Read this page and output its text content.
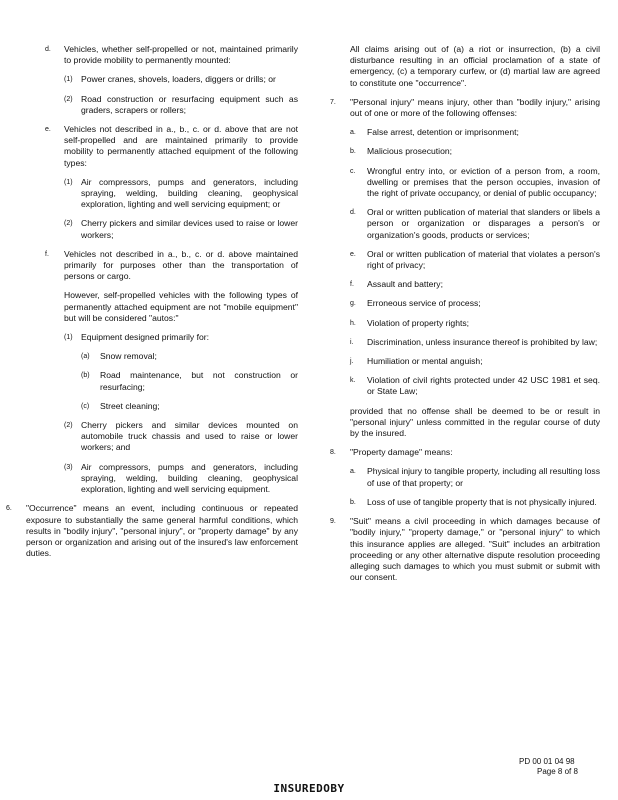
d. Vehicles, whether self-propelled or not, maintained primarily to provide mobility to permanently mounted:
(1) Power cranes, shovels, loaders, diggers or drills; or
(2) Road construction or resurfacing equipment such as graders, scrapers or rollers;
e. Vehicles not described in a., b., c. or d. above that are not self-propelled and are maintained primarily to provide mobility to permanently attached equipment of the following types:
(1) Air compressors, pumps and generators, including spraying, welding, building cleaning, geophysical exploration, lighting and well servicing equipment; or
(2) Cherry pickers and similar devices used to raise or lower workers;
f. Vehicles not described in a., b., c. or d. above maintained primarily for purposes other than the transportation of persons or cargo.
However, self-propelled vehicles with the following types of permanently attached equipment are not "mobile equipment" but will be considered "autos:"
(1) Equipment designed primarily for:
(a) Snow removal;
(b) Road maintenance, but not construction or resurfacing;
(c) Street cleaning;
(2) Cherry pickers and similar devices mounted on automobile truck chassis and used to raise or lower workers; and
(3) Air compressors, pumps and generators, including spraying, welding, building cleaning, geophysical exploration, lighting and well servicing equipment.
6. "Occurrence" means an event, including continuous or repeated exposure to substantially the same general harmful conditions, which results in "bodily injury", "personal injury", or "property damage" by any person or organization and arising out of the insured's law enforcement duties.
All claims arising out of (a) a riot or insurrection, (b) a civil disturbance resulting in an official proclamation of a state of emergency, (c) a temporary curfew, or (d) martial law are agreed to constitute one "occurrence".
7. "Personal injury" means injury, other than "bodily injury," arising out of one or more of the following offenses:
a. False arrest, detention or imprisonment;
b. Malicious prosecution;
c. Wrongful entry into, or eviction of a person from, a room, dwelling or premises that the person occupies, invasion of the right of private occupancy, or denial of public occupancy;
d. Oral or written publication of material that slanders or libels a person or organization or disparages a person's or organization's goods, products or services;
e. Oral or written publication of material that violates a person's right of privacy;
f. Assault and battery;
g. Erroneous service of process;
h. Violation of property rights;
i. Discrimination, unless insurance thereof is prohibited by law;
j. Humiliation or mental anguish;
k. Violation of civil rights protected under 42 USC 1981 et seq. or State Law;
provided that no offense shall be deemed to be or result in "personal injury" unless committed in the regular course of duty by the insured.
8. "Property damage" means:
a. Physical injury to tangible property, including all resulting loss of use of that property; or
b. Loss of use of tangible property that is not physically injured.
9. "Suit" means a civil proceeding in which damages because of "bodily injury," "property damage," or "personal injury" to which this insurance applies are alleged. "Suit" includes an arbitration proceeding or any other alternative dispute resolution proceeding alleging such damages to which you must submit or submit with our consent.
PD 00 01 04 98
Page 8 of 8
INSUREDOBY
